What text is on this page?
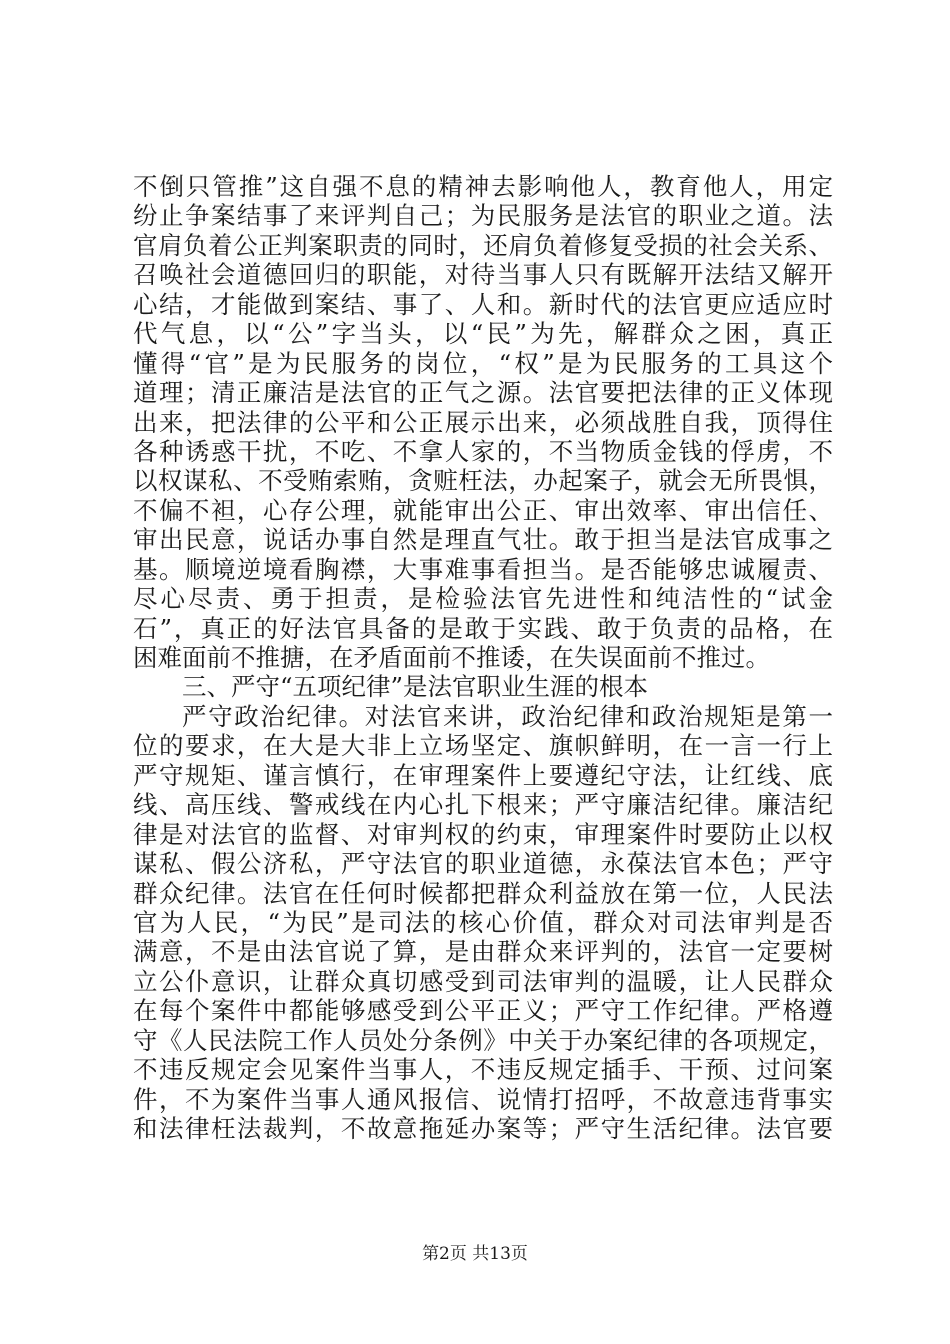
不倒只管推”这自强不息的精神去影响他人，教育他人，用定
纷止争案结事了来评判自己；为民服务是法官的职业之道。法
官肩负着公正判案职责的同时，还肩负着修复受损的社会关系、
召唤社会道德回归的职能，对待当事人只有既解开法结又解开
心结，才能做到案结、事了、人和。新时代的法官更应适应时
代气息，以“公”字当头，以“民”为先，解群众之困，真正
懂得“官”是为民服务的岗位，“权”是为民服务的工具这个
道理；清正廉洁是法官的正气之源。法官要把法律的正义体现
出来，把法律的公平和公正展示出来，必须战胜自我，顶得住
各种诱惑干扰，不吃、不拿人家的，不当物质金钱的俘虏，不
以权谋私、不受贿索贿，贪赃枉法，办起案子，就会无所畏惧，
不偏不袒，心存公理，就能审出公正、审出效率、审出信任、
审出民意，说话办事自然是理直气壮。敢于担当是法官成事之
基。顺境逆境看胸襟，大事难事看担当。是否能够忠诚履责、
尽心尽责、勇于担责，是检验法官先进性和纯洁性的“试金
石”，真正的好法官具备的是敢于实践、敢于负责的品格，在
困难面前不推搪，在矛盾面前不推诿，在失误面前不推过。
三、严守“五项纪律”是法官职业生涯的根本
严守政治纪律。对法官来讲，政治纪律和政治规矩是第一
位的要求，在大是大非上立场坚定、旗帜鲜明，在一言一行上
严守规矩、谨言慎行，在审理案件上要遵纪守法，让红线、底
线、高压线、警戒线在内心扎下根来；严守廉洁纪律。廉洁纪
律是对法官的监督、对审判权的约束，审理案件时要防止以权
谋私、假公济私，严守法官的职业道德，永葆法官本色；严守
群众纪律。法官在任何时候都把群众利益放在第一位，人民法
官为人民，“为民”是司法的核心价值，群众对司法审判是否
满意，不是由法官说了算，是由群众来评判的，法官一定要树
立公仆意识，让群众真切感受到司法审判的温暖，让人民群众
在每个案件中都能够感受到公平正义；严守工作纪律。严格遵
守《人民法院工作人员处分条例》中关于办案纪律的各项规定，
不违反规定会见案件当事人，不违反规定插手、干预、过问案
件，不为案件当事人通风报信、说情打招呼，不故意违背事实
和法律枉法裁判，不故意拖延办案等；严守生活纪律。法官要
第2页 共13页
